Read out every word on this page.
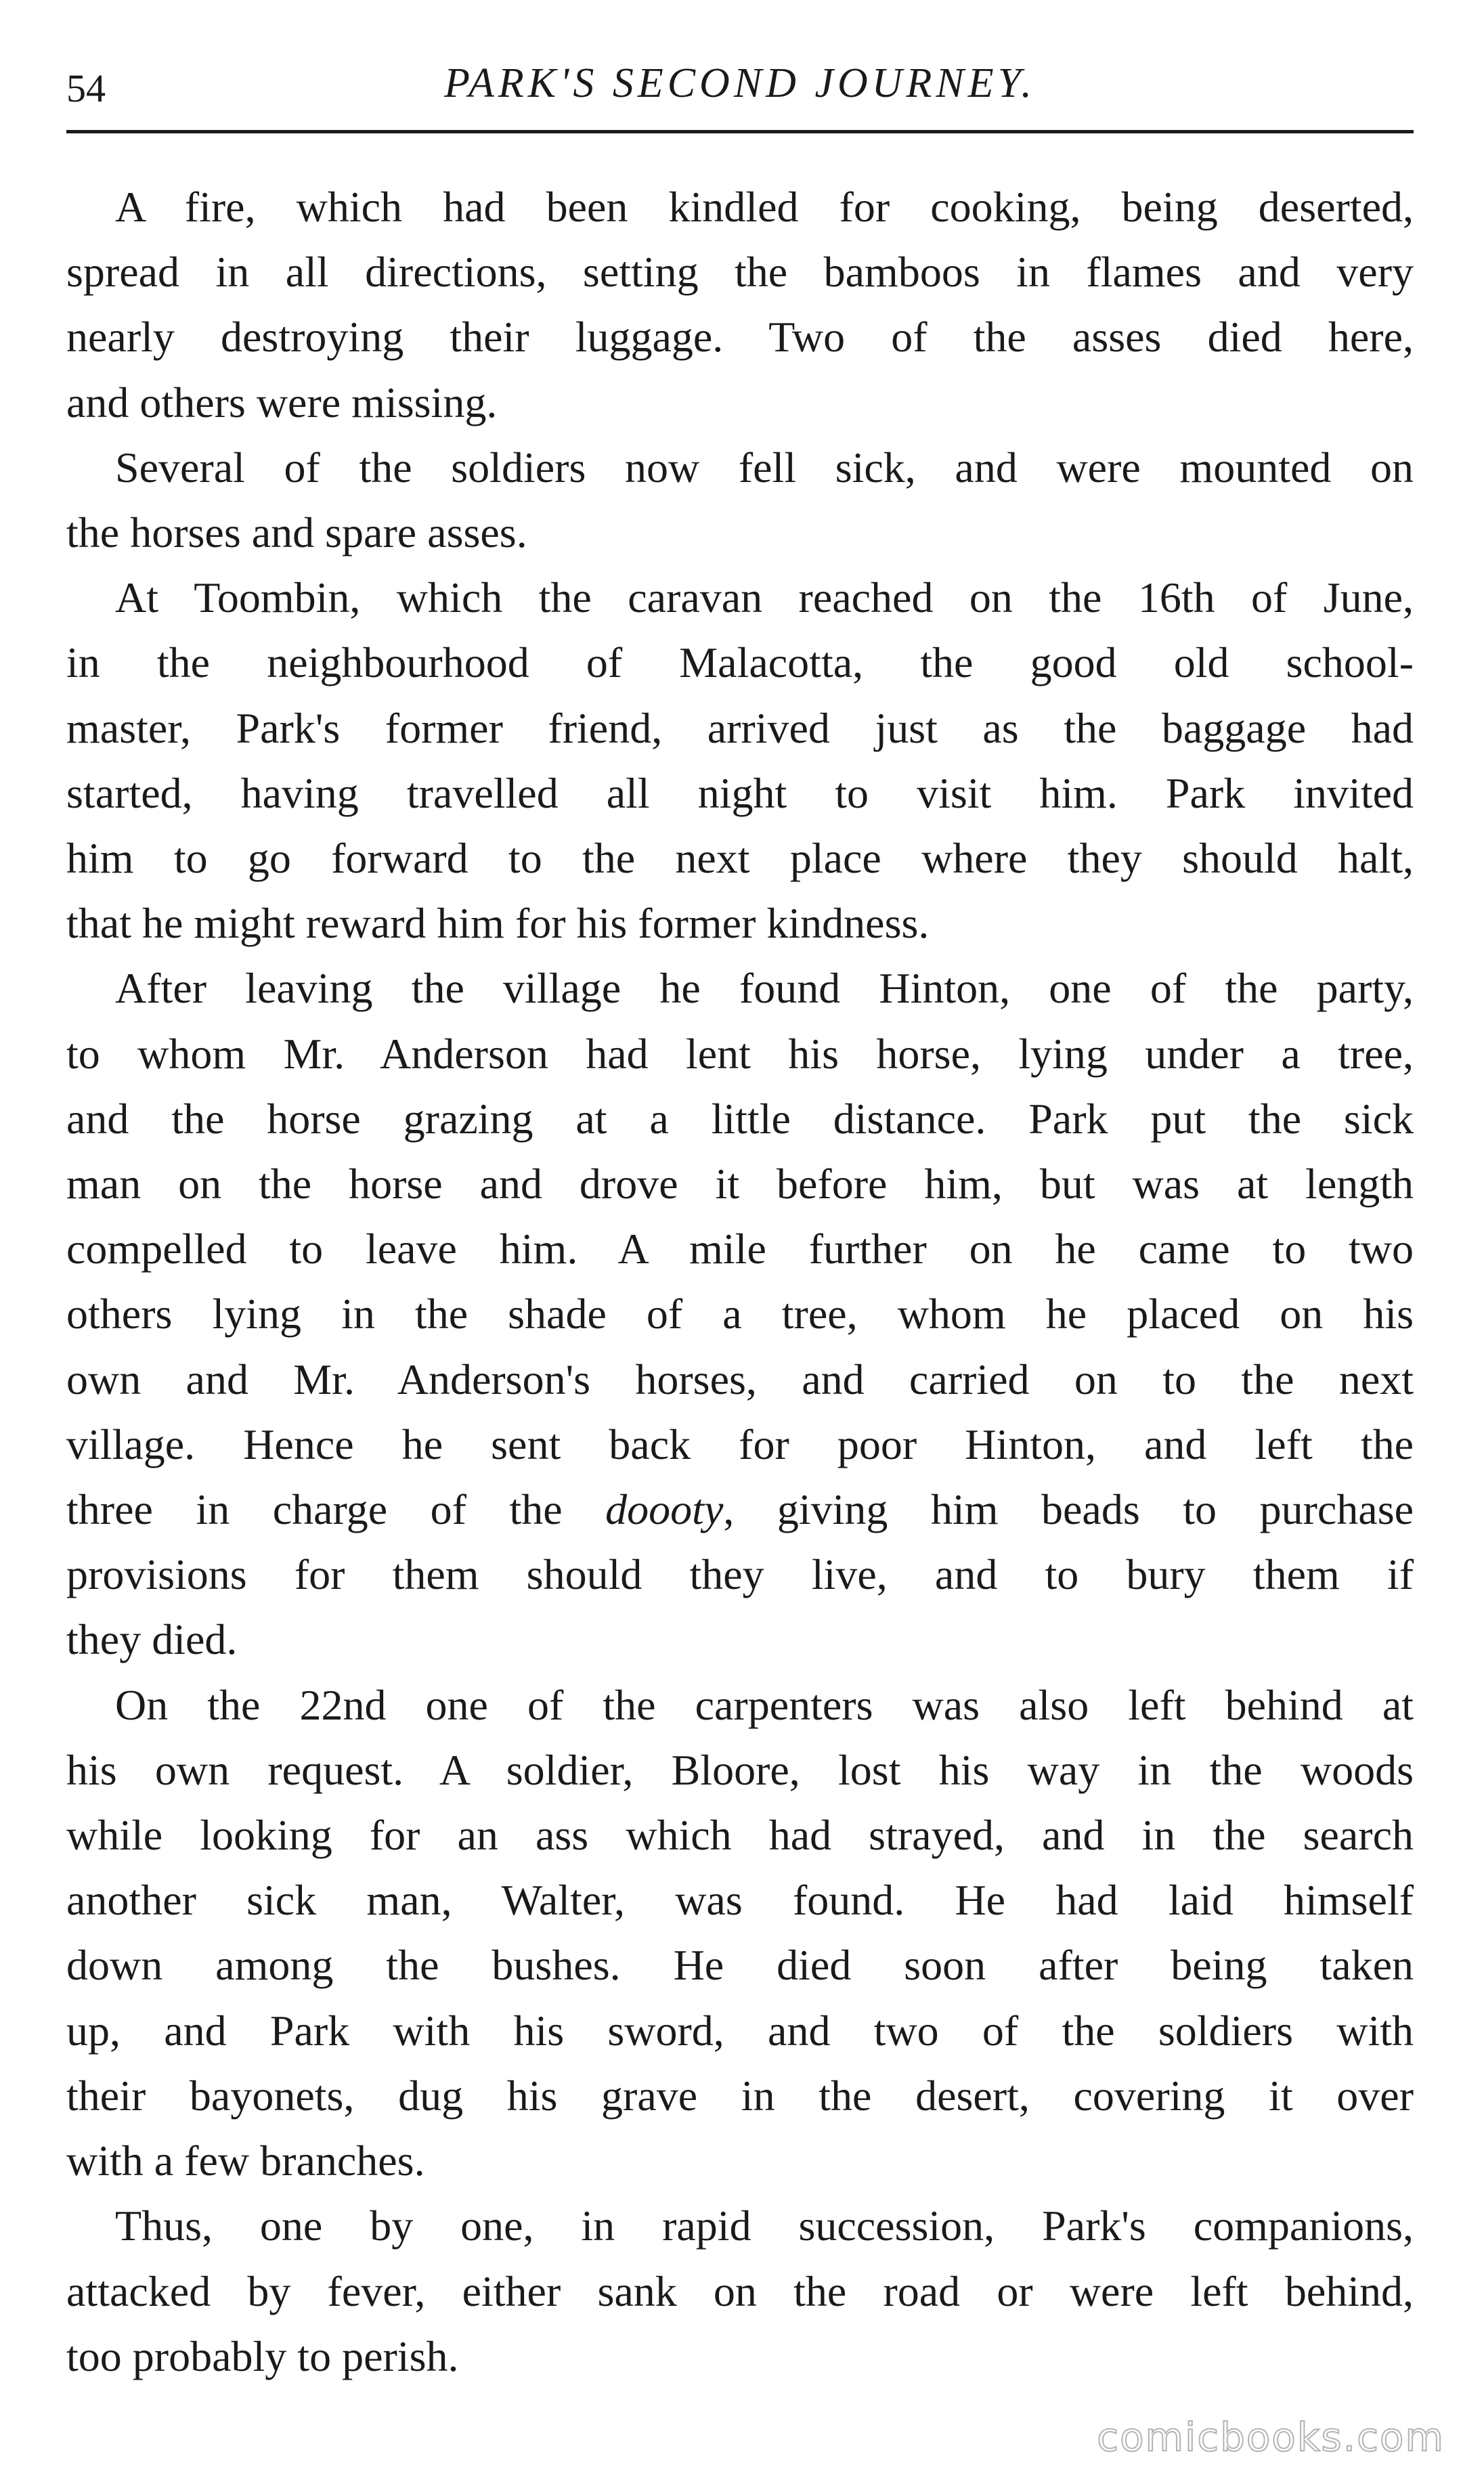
54	PARK'S SECOND JOURNEY.

A fire, which had been kindled for cooking, being deserted,
spread in all directions, setting the bamboos in flames and very
nearly destroying their luggage. Two of the asses died here,
and others were missing.

Several of the soldiers now fell sick, and were mounted on
the horses and spare asses.

At Toombin, which the caravan reached on the 16th of June,
in the neighbourhood of Malacotta, the good old school-
master, Park's former friend, arrived just as the baggage had
started, having travelled all night to visit him. Park invited
him to go forward to the next place where they should halt,
that he might reward him for his former kindness.

After leaving the village he found Hinton, one of the party,
to whom Mr. Anderson had lent his horse, lying under a tree,
and the horse grazing at a little distance. Park put the sick
man on the horse and drove it before him, but was at length
compelled to leave him. A mile further on he came to two
others lying in the shade of a tree, whom he placed on his
own and Mr. Anderson's horses, and carried on to the next
village. Hence he sent back for poor Hinton, and left the
three in charge of the doooty, giving him beads to purchase
provisions for them should they live, and to bury them if
they died.

On the 22nd one of the carpenters was also left behind at
his own request. A soldier, Bloore, lost his way in the woods
while looking for an ass which had strayed, and in the search
another sick man, Walter, was found. He had laid himself
down among the bushes. He died soon after being taken
up, and Park with his sword, and two of the soldiers with
their bayonets, dug his grave in the desert, covering it over
with a few branches.

Thus, one by one, in rapid succession, Park's companions,
attacked by fever, either sank on the road or were left behind,
too probably to perish.

comicbooks.com
